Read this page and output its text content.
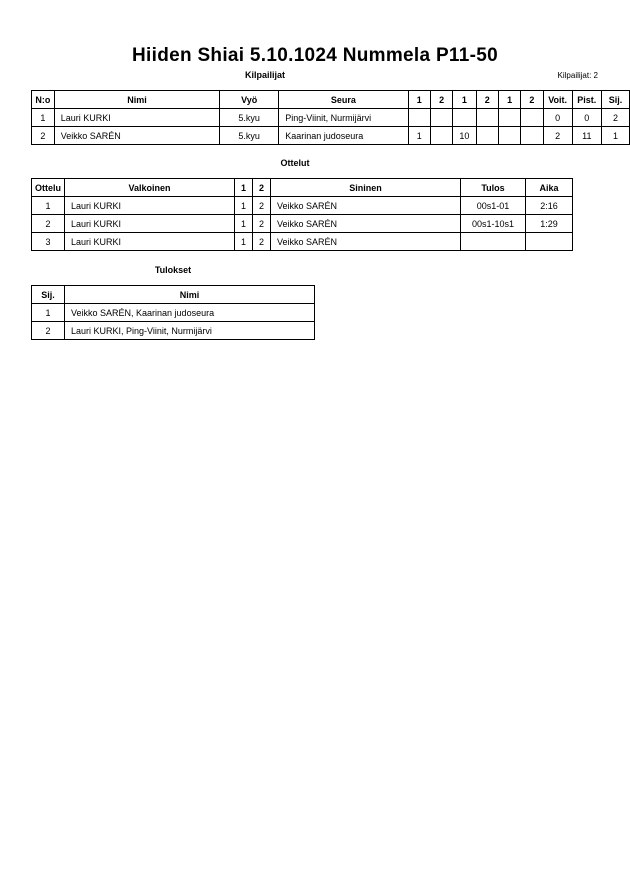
Hiiden Shiai 5.10.1024 Nummela P11-50
Kilpailijat	Kilpailijat: 2
N:o	Nimi	Vyö	Seura	1	2	1	2	1	2	Voit.	Pist.	Sij.
1	Lauri KURKI	5.kyu	Ping-Viinit, Nurmijärvi							0	0	2
2	Veikko SARÉN	5.kyu	Kaarinan judoseura	1		10				2	11	1
Ottelut
Ottelu	Valkoinen	1	2	Sininen	Tulos	Aika
1	Lauri KURKI	1	2	Veikko SARÉN	00s1-01	2:16
2	Lauri KURKI	1	2	Veikko SARÉN	00s1-10s1	1:29
3	Lauri KURKI	1	2	Veikko SARÉN		
Tulokset
Sij.	Nimi
1	Veikko SARÉN, Kaarinan judoseura
2	Lauri KURKI, Ping-Viinit, Nurmijärvi
